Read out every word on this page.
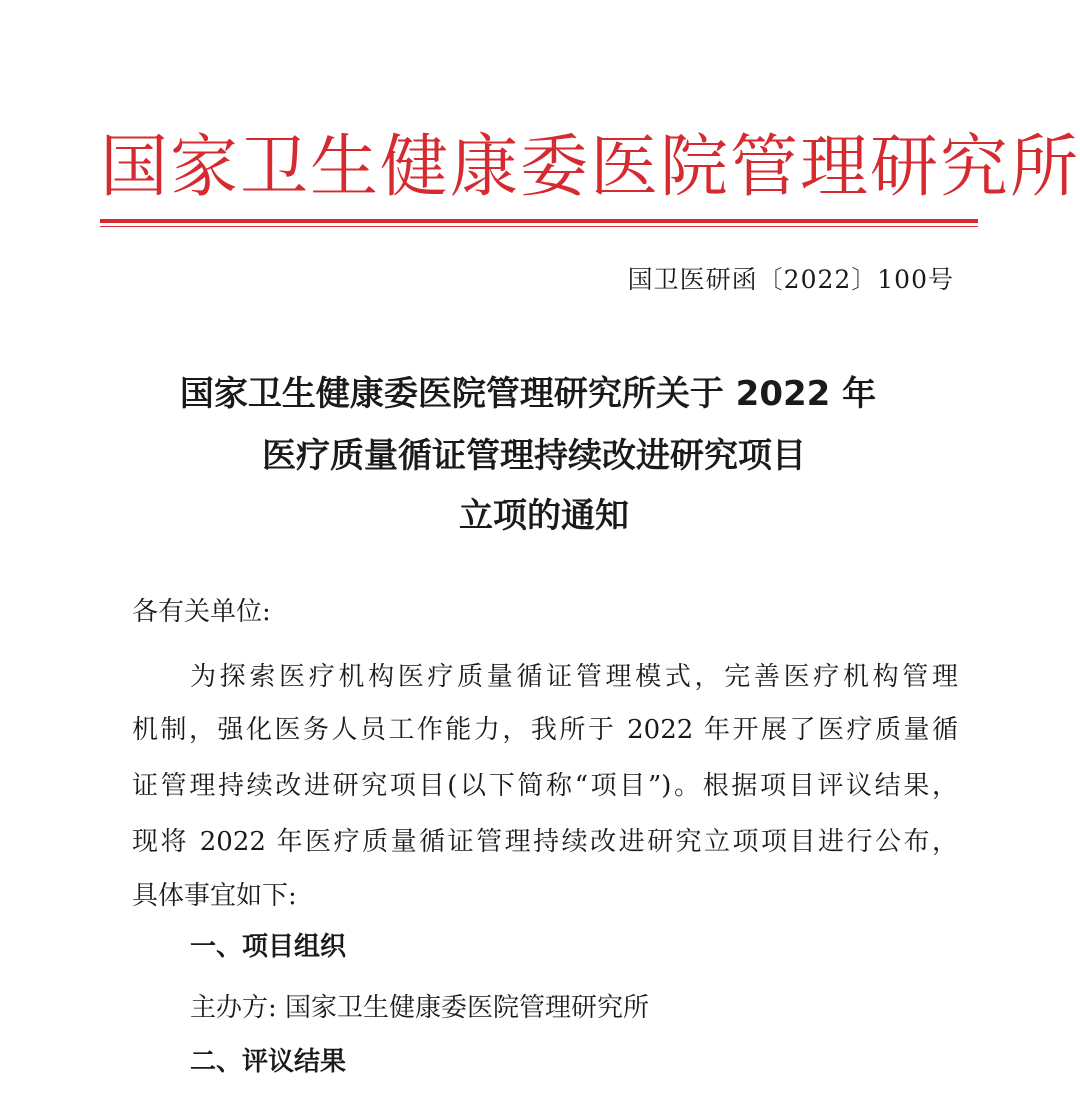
国家卫生健康委医院管理研究所
国卫医研函〔2022〕100号
国家卫生健康委医院管理研究所关于 2022 年
医疗质量循证管理持续改进研究项目
立项的通知
各有关单位:
为探索医疗机构医疗质量循证管理模式，完善医疗机构管理
机制，强化医务人员工作能力，我所于 2022 年开展了医疗质量循
证管理持续改进研究项目(以下简称“项目”)。根据项目评议结果，
现将 2022 年医疗质量循证管理持续改进研究立项项目进行公布，
具体事宜如下:
一、项目组织
主办方: 国家卫生健康委医院管理研究所
二、评议结果
